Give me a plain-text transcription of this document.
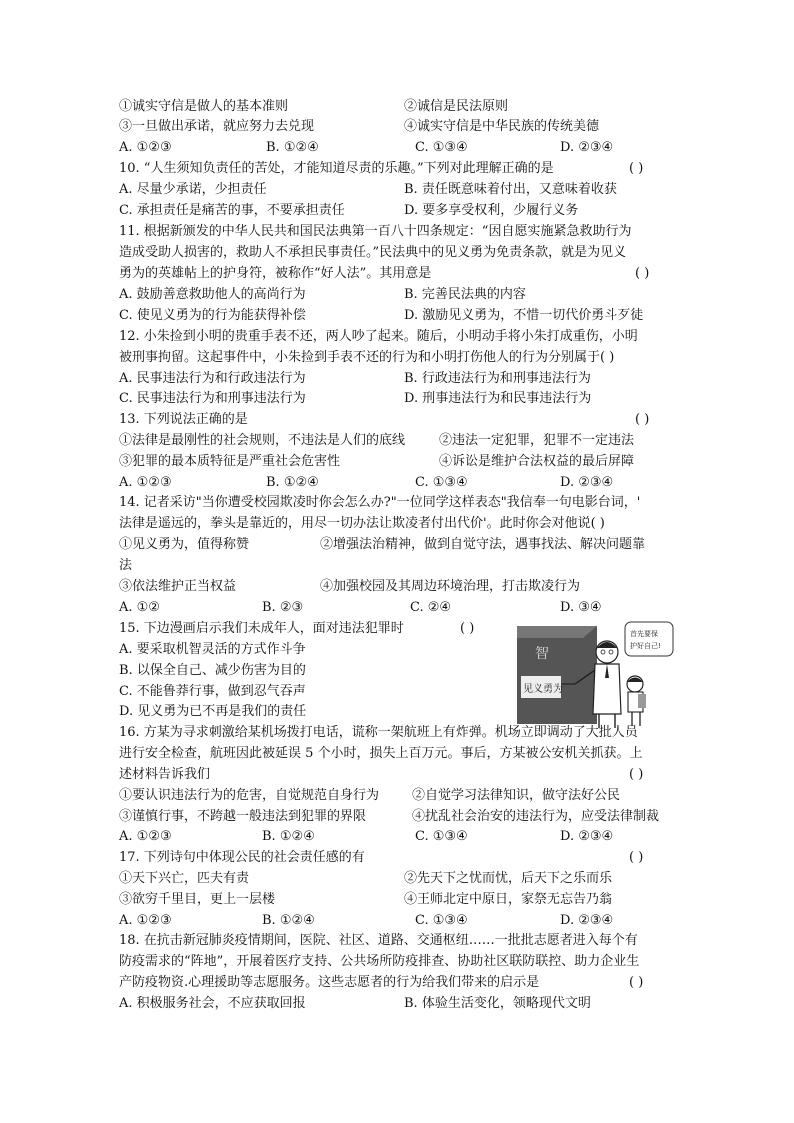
①诚实守信是做人的基本准则	②诚信是民法原则
③一旦做出承诺，就应努力去兑现	④诚实守信是中华民族的传统美德
A. ①②③	B. ①②④	C. ①③④	D. ②③④
10. “人生须知负责任的苦处，才能知道尽责的乐趣。”下列对此理解正确的是	( )
A. 尽量少承诺，少担责任	B. 责任既意味着付出，又意味着收获
C. 承担责任是痛苦的事，不要承担责任	D. 要多享受权利，少履行义务
11. 根据新颁发的中华人民共和国民法典第一百八十四条规定：“因自愿实施紧急救助行为
造成受助人损害的，救助人不承担民事责任。”民法典中的见义勇为免责条款，就是为见义
勇为的英雄帖上的护身符，被称作“好人法”。其用意是	( )
A. 鼓励善意救助他人的高尚行为	B. 完善民法典的内容
C. 使见义勇为的行为能获得补偿	D. 激励见义勇为，不惜一切代价勇斗歹徒
12. 小朱捡到小明的贵重手表不还，两人吵了起来。随后，小明动手将小朱打成重伤，小明
被刑事拘留。这起事件中，小朱捡到手表不还的行为和小明打伤他人的行为分别属于( )
A. 民事违法行为和行政违法行为	B. 行政违法行为和刑事违法行为
C. 民事违法行为和刑事违法行为	D. 刑事违法行为和民事违法行为
13. 下列说法正确的是	( )
①法律是最刚性的社会规则，不违法是人们的底线	②违法一定犯罪，犯罪不一定违法
③犯罪的最本质特征是严重社会危害性	④诉讼是维护合法权益的最后屏障
A. ①②③	B. ①②④	C. ①③④	D. ②③④
14. 记者采访"当你遭受校园欺凌时你会怎么办?"一位同学这样表态"我信奉一句电影台词，'
法律是遥远的，拳头是靠近的，用尽一切办法让欺凌者付出代价'。此时你会对他说( )
①见义勇为，值得称赞	②增强法治精神，做到自觉守法，遇事找法、解决问题靠
法
③依法维护正当权益	④加强校园及其周边环境治理，打击欺凌行为
A. ①②	B. ②③	C. ②④	D. ③④
15. 下边漫画启示我们未成年人，面对违法犯罪时	( )
A. 要采取机智灵活的方式作斗争
B. 以保全自己、减少伤害为目的
C. 不能鲁莽行事，做到忍气吞声
D. 见义勇为已不再是我们的责任
智
见义勇为
首先要保
护好自己!
16. 方某为寻求刺激给某机场拨打电话，谎称一架航班上有炸弹。机场立即调动了大批人员
进行安全检查，航班因此被延误 5 个小时，损失上百万元。事后，方某被公安机关抓获。上
述材料告诉我们	( )
①要认识违法行为的危害，自觉规范自身行为	②自觉学习法律知识，做守法好公民
③谨慎行事，不跨越一般违法到犯罪的界限	④扰乱社会治安的违法行为，应受法律制裁
A. ①②③	B. ①②④	C. ①③④	D. ②③④
17. 下列诗句中体现公民的社会责任感的有	( )
①天下兴亡，匹夫有责	②先天下之忧而忧，后天下之乐而乐
③欲穷千里目，更上一层楼	④王师北定中原日，家祭无忘告乃翁
A. ①②③	B. ①②④	C. ①③④	D. ②③④
18. 在抗击新冠肺炎疫情期间，医院、社区、道路、交通枢纽……一批批志愿者进入每个有
防疫需求的“阵地”，开展着医疗支持、公共场所防疫排查、协助社区联防联控、助力企业生
产防疫物资.心理援助等志愿服务。这些志愿者的行为给我们带来的启示是	( )
A. 积极服务社会，不应获取回报	B. 体验生活变化，领略现代文明
